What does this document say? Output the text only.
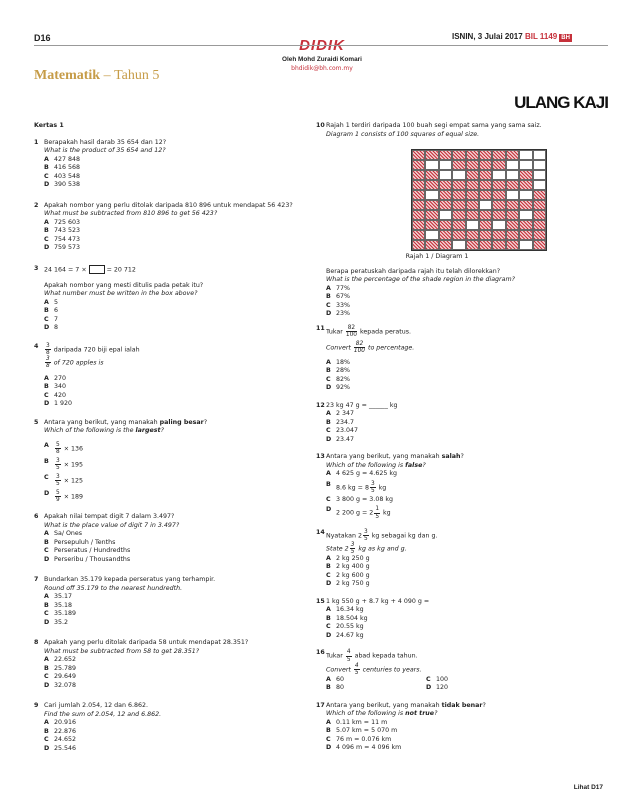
D16	DIDIK
Oleh Mohd Zuraidi Komari
bhdidik@bh.com.my
ISNIN, 3 Julai 2017 BIL 1149 BH
Matematik – Tahun 5
ULANG KAJI
Kertas 1
1 Berapakah hasil darab 35 654 dan 12?
What is the product of 35 654 and 12?
A 427 848
B 416 568
C 403 548
D 390 538
2 Apakah nombor yang perlu ditolak daripada 810 896 untuk mendapat 56 423?
What must be subtracted from 810 896 to get 56 423?
A 725 603
B 743 523
C 754 473
D 759 573
3 24 164 = 7 ×	= 20 712
Apakah nombor yang mesti ditulis pada petak itu?
What number must be written in the box above?
A 5
B 6
C 7
D 8
$4 \frac{3}{8}$ daripada 720 biji epal ialah
$\frac{3}{8}$ of 720 apples is
A 270
B 340
C 420
D 1 920
5 Antara yang berikut, yang manakah paling besar?
Which of the following is the largest?
A	$\frac{5}{8} \times 136$
B	$\frac{3}{5} \times 195$
C	$\frac{3}{5} \times 125$
D $\frac{5}{9} \times 189$
6 Apakah nilai tempat digit 7 dalam 3.497?
What is the place value of digit 7 in 3.497?
A Sa/ Ones
B Persepuluh / Tenths
C Perseratus / Hundredths
D Perseribu / Thousandths
7 Bundarkan 35.179 kepada perseratus yang terhampir.
Round off 35.179 to the nearest hundredth.
A 35.17
B 35.18
C 35.189
D 35.2
8 Apakah yang perlu ditolak daripada 58 untuk mendapat 28.351?
What must be subtracted from 58 to get 28.351?
A 22.652
B 25.789
C 29.649
D 32.078
9 Cari jumlah 2.054, 12 dan 6.862.
Find the sum of 2.054, 12 and 6.862.
A 20.916
B 22.876
C 24.652
D 25.546
10 Rajah 1 terdiri daripada 100 buah segi empat sama yang sama saiz.
Diagram 1 consists of 100 squares of equal size.
Rajah 1 / Diagram 1
Berapa peratuskah daripada rajah itu telah dilorekkan?
What is the percentage of the shade region in the diagram?
A 77%
B 67%
C 33%
D 23%
11
Tukar $\frac{82}{100}$ kepada peratus.
Convert $\frac{82}{100}$ to percentage.
A 18%
B 28%
C 82%
D 92%
12 23 kg 47 g = ______ kg
A 2 347
B 234.7
C 23.047
D 23.47
13 Antara yang berikut, yang manakah salah?
Which of the following is false?
A 4 625 g = 4.625 kg
B
8.6 kg = $8 \frac{3}{5}$ kg
C 3 800 g = 3.08 kg
D
2 200 $g = 2 \frac{1}{5}$ kg
14
Nyatakan $2 \frac{3}{5}$ kg sebagai kg dan g.
State $2 \frac{3}{5}$ kg as kg and g.
A 2 kg 250 g
B 2 kg 400 g
C 2 kg 600 g
D 2 kg 750 g
15 1 kg 550 g + 8.7 kg + 4 090 g =
A 16.34 kg
B 18.504 kg
C 20.55 kg
D 24.67 kg
16
Tukar $\frac{4}{5}$ abad kepada tahun.
Convert $\frac{4}{5}$ centuries to years.
A 60
B 80
C 100
D 120
17 Antara yang berikut, yang manakah tidak benar?
Which of the following is not true?
A 0.11 km = 11 m
B 5.07 km = 5 070 m
C 76 m = 0.076 km
D 4 096 m = 4 096 km
Lihat D17
